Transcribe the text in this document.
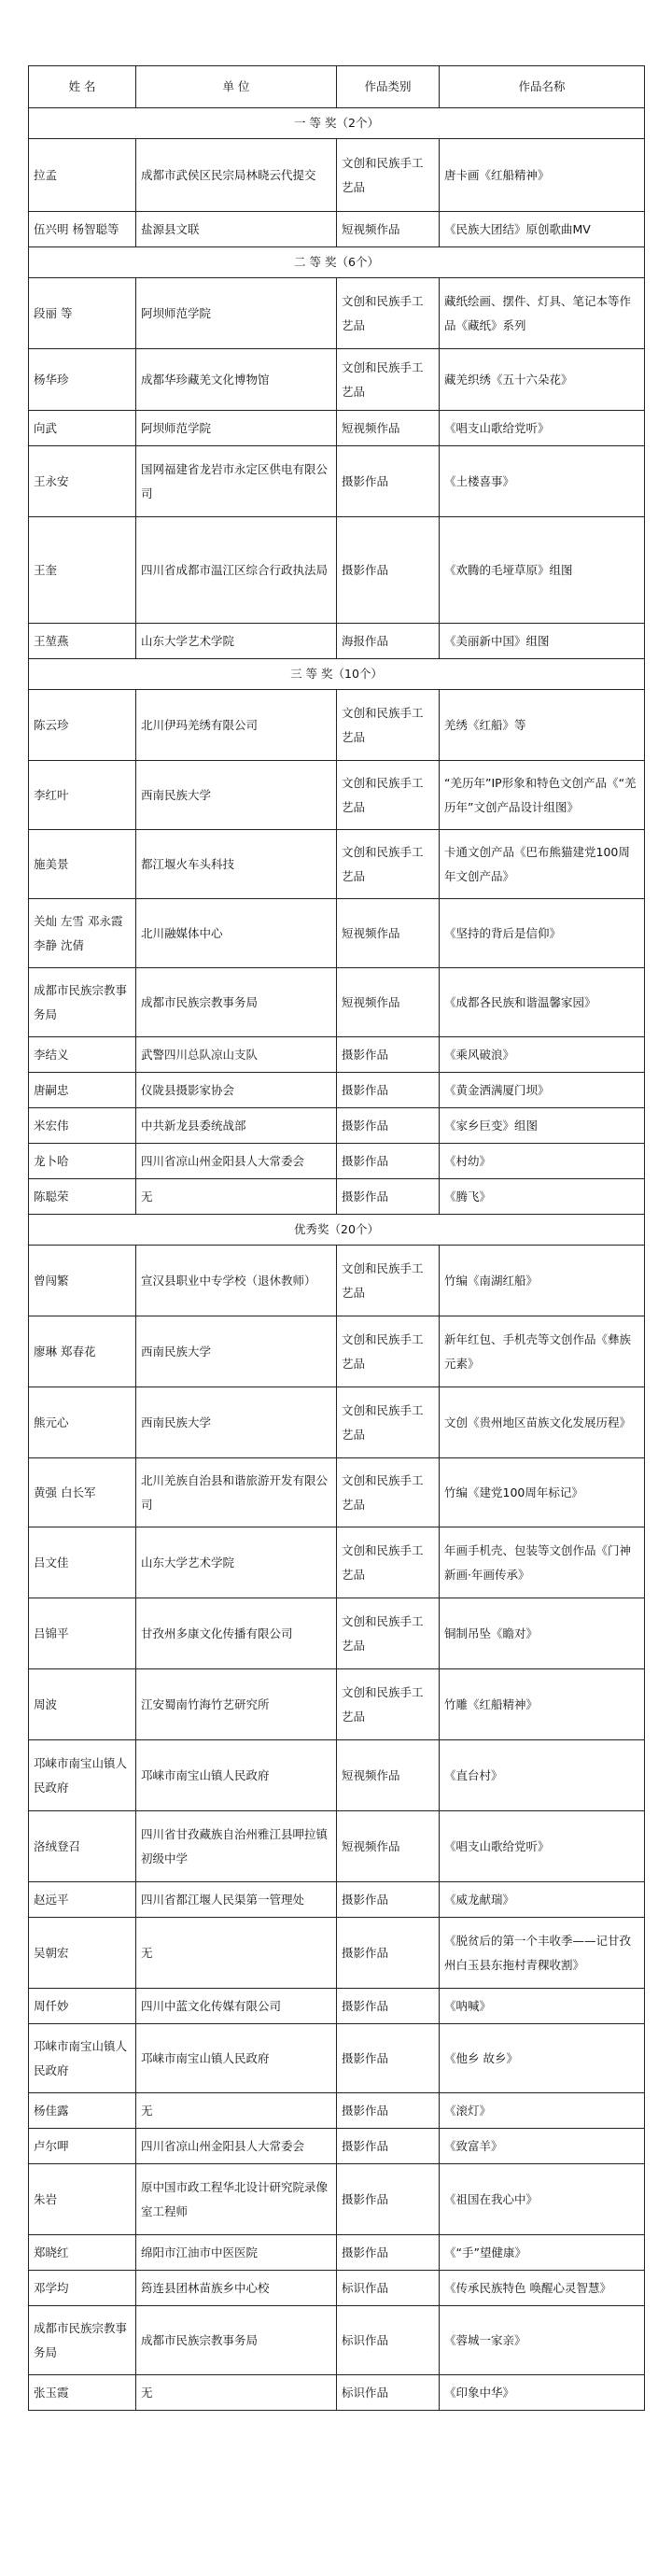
姓 名	单 位	作品类别	作品名称
一 等 奖（2个）			
拉孟	成都市武侯区民宗局林晓云代提交	文创和民族手工艺品	唐卡画《红船精神》
伍兴明 杨智聪等	盐源县文联	短视频作品	《民族大团结》原创歌曲MV
二 等 奖（6个）			
段丽 等	阿坝师范学院	文创和民族手工艺品	藏纸绘画、摆件、灯具、笔记本等作品《藏纸》系列
杨华珍	成都华珍藏羌文化博物馆	文创和民族手工艺品	藏羌织绣《五十六朵花》
向武	阿坝师范学院	短视频作品	《唱支山歌给党听》
王永安	国网福建省龙岩市永定区供电有限公司	摄影作品	《土楼喜事》
王奎	四川省成都市温江区综合行政执法局	摄影作品	《欢腾的毛垭草原》组图
王堃燕	山东大学艺术学院	海报作品	《美丽新中国》组图
三 等 奖（10个）			
陈云珍	北川伊玛羌绣有限公司	文创和民族手工艺品	羌绣《红船》等
李红叶	西南民族大学	文创和民族手工艺品	“羌历年”IP形象和特色文创产品《“羌历年”文创产品设计组图》
施美景	都江堰火车头科技	文创和民族手工艺品	卡通文创产品《巴布熊猫建党100周年文创产品》
关灿 左雪 邓永霞 李静 沈倩	北川融媒体中心	短视频作品	《坚持的背后是信仰》
成都市民族宗教事务局	成都市民族宗教事务局	短视频作品	《成都各民族和谐温馨家园》
李结义	武警四川总队凉山支队	摄影作品	《乘风破浪》
唐嗣忠	仪陇县摄影家协会	摄影作品	《黄金洒满厦门坝》
米宏伟	中共新龙县委统战部	摄影作品	《家乡巨变》组图
龙卜哈	四川省凉山州金阳县人大常委会	摄影作品	《村幼》
陈聪荣	无	摄影作品	《腾飞》
优秀奖（20个）			
曾闯繁	宣汉县职业中专学校（退休教师）	文创和民族手工艺品	竹编《南湖红船》
廖琳 郑春花	西南民族大学	文创和民族手工艺品	新年红包、手机壳等文创作品《彝族元素》
熊元心	西南民族大学	文创和民族手工艺品	文创《贵州地区苗族文化发展历程》
黄强 白长军	北川羌族自治县和谐旅游开发有限公司	文创和民族手工艺品	竹编《建党100周年标记》
吕文佳	山东大学艺术学院	文创和民族手工艺品	年画手机壳、包装等文创作品《门神新画·年画传承》
吕锦平	甘孜州多康文化传播有限公司	文创和民族手工艺品	铜制吊坠《瞻对》
周波	江安蜀南竹海竹艺研究所	文创和民族手工艺品	竹雕《红船精神》
邛崃市南宝山镇人民政府	邛崃市南宝山镇人民政府	短视频作品	《直台村》
洛绒登召	四川省甘孜藏族自治州雅江县呷拉镇初级中学	短视频作品	《唱支山歌给党听》
赵远平	四川省都江堰人民渠第一管理处	摄影作品	《威龙献瑞》
吴朝宏	无	摄影作品	《脱贫后的第一个丰收季——记甘孜州白玉县东拖村青稞收割》
周仟妙	四川中蓝文化传媒有限公司	摄影作品	《呐喊》
邛崃市南宝山镇人民政府	邛崃市南宝山镇人民政府	摄影作品	《他乡 故乡》
杨佳露	无	摄影作品	《滚灯》
卢尔呷	四川省凉山州金阳县人大常委会	摄影作品	《致富羊》
朱岩	原中国市政工程华北设计研究院录像室工程师	摄影作品	《祖国在我心中》
郑晓红	绵阳市江油市中医医院	摄影作品	《“手”望健康》
邓学均	筠连县团林苗族乡中心校	标识作品	《传承民族特色 唤醒心灵智慧》
成都市民族宗教事务局	成都市民族宗教事务局	标识作品	《蓉城一家亲》
张玉霞	无	标识作品	《印象中华》
